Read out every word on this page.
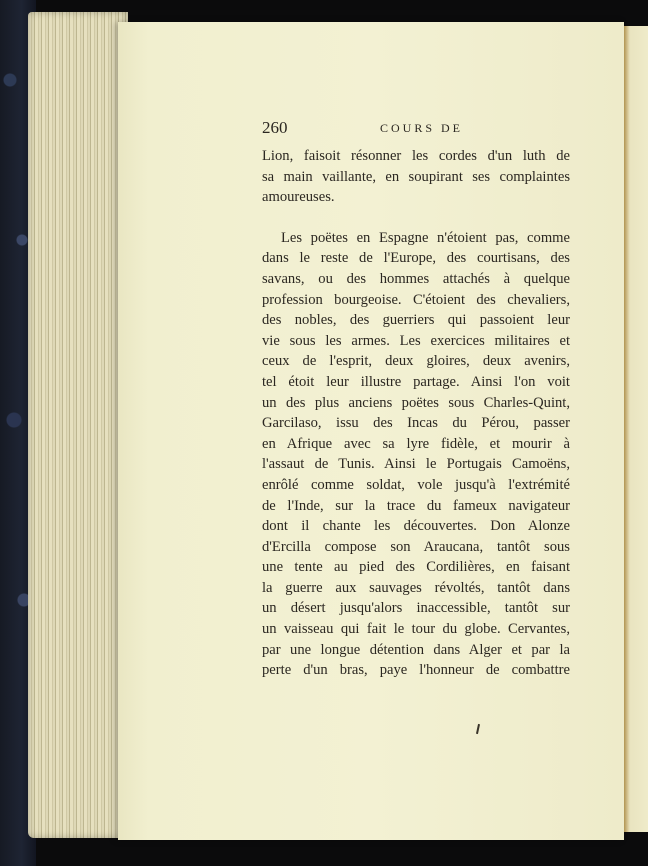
260	COURS DE
Lion, faisoit résonner les cordes d'un luth de
sa main vaillante, en soupirant ses complaintes
amoureuses.
Les poëtes en Espagne n'étoient pas, comme
dans le reste de l'Europe, des courtisans, des
savans, ou des hommes attachés à quelque
profession bourgeoise. C'étoient des chevaliers,
des nobles, des guerriers qui passoient leur
vie sous les armes. Les exercices militaires et
ceux de l'esprit, deux gloires, deux avenirs,
tel étoit leur illustre partage. Ainsi l'on voit
un des plus anciens poëtes sous Charles-Quint,
Garcilaso, issu des Incas du Pérou, passer
en Afrique avec sa lyre fidèle, et mourir à
l'assaut de Tunis. Ainsi le Portugais Camoëns,
enrôlé comme soldat, vole jusqu'à l'extrémité
de l'Inde, sur la trace du fameux navigateur
dont il chante les découvertes. Don Alonze
d'Ercilla compose son Araucana, tantôt sous
une tente au pied des Cordilières, en faisant
la guerre aux sauvages révoltés, tantôt dans
un désert jusqu'alors inaccessible, tantôt sur
un vaisseau qui fait le tour du globe. Cervantes,
par une longue détention dans Alger et par la
perte d'un bras, paye l'honneur de combattre
